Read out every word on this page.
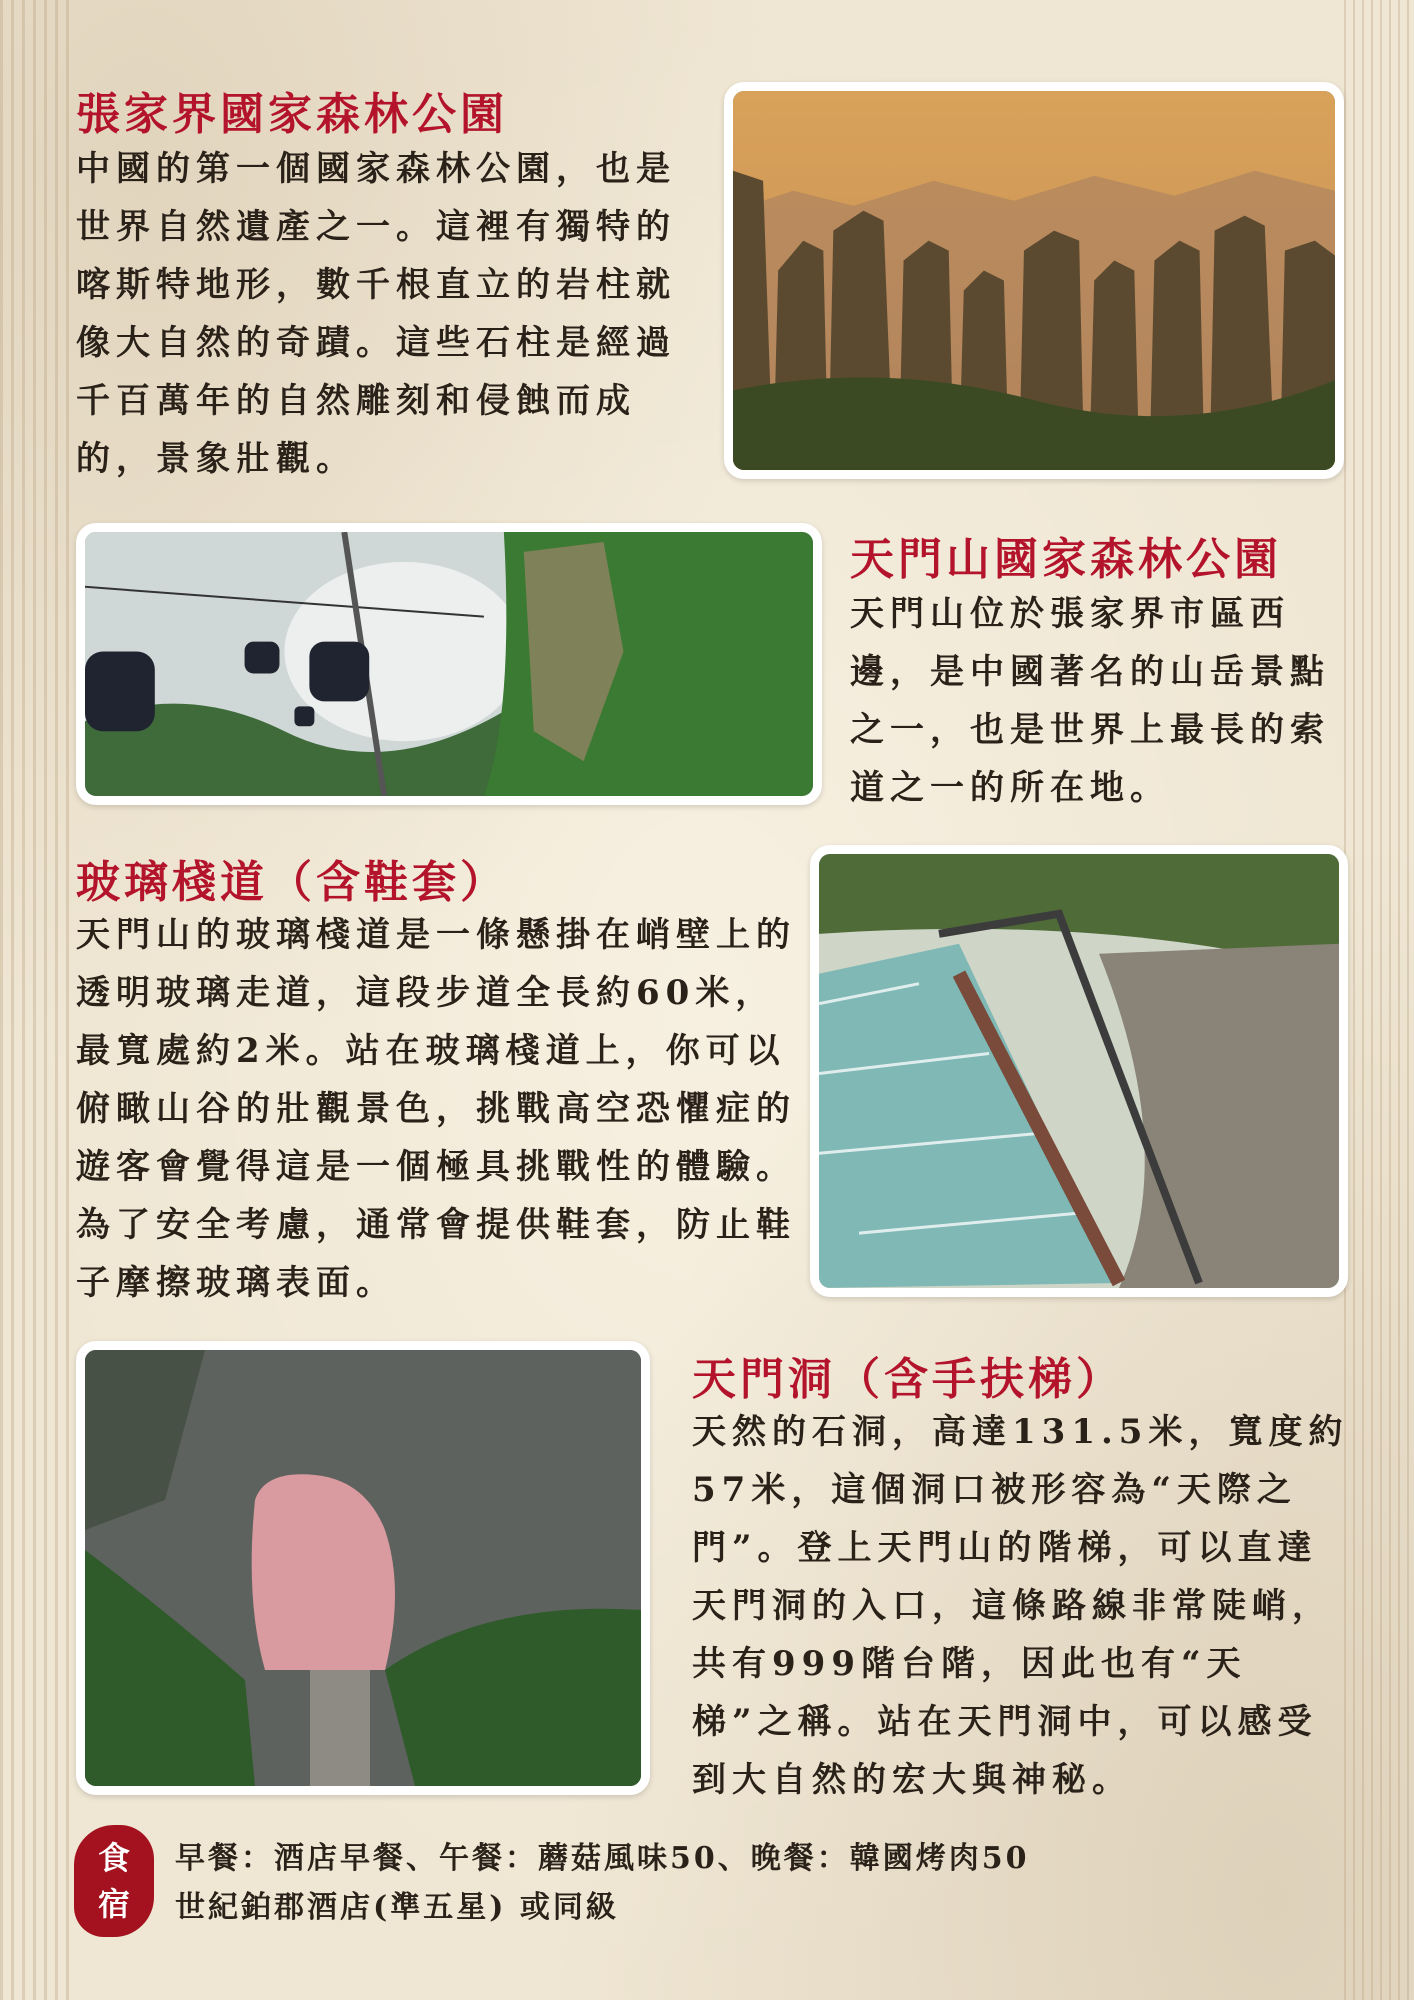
張家界國家森林公園

中國的第一個國家森林公園，也是世界自然遺產之一。這裡有獨特的喀斯特地形，數千根直立的岩柱就像大自然的奇蹟。這些石柱是經過千百萬年的自然雕刻和侵蝕而成的，景象壯觀。

天門山國家森林公園

天門山位於張家界市區西邊，是中國著名的山岳景點之一，也是世界上最長的索道之一的所在地。

玻璃棧道（含鞋套）

天門山的玻璃棧道是一條懸掛在峭壁上的透明玻璃走道，這段步道全長約60米，最寬處約2米。站在玻璃棧道上，你可以俯瞰山谷的壯觀景色，挑戰高空恐懼症的遊客會覺得這是一個極具挑戰性的體驗。為了安全考慮，通常會提供鞋套，防止鞋子摩擦玻璃表面。

天門洞（含手扶梯）

天然的石洞，高達131.5米，寬度約57米，這個洞口被形容為“天際之門”。登上天門山的階梯，可以直達天門洞的入口，這條路線非常陡峭，共有999階台階，因此也有“天梯”之稱。站在天門洞中，可以感受到大自然的宏大與神秘。

食
宿

早餐：酒店早餐、午餐：蘑菇風味50、晚餐：韓國烤肉50

世紀鉑郡酒店(準五星) 或同級
